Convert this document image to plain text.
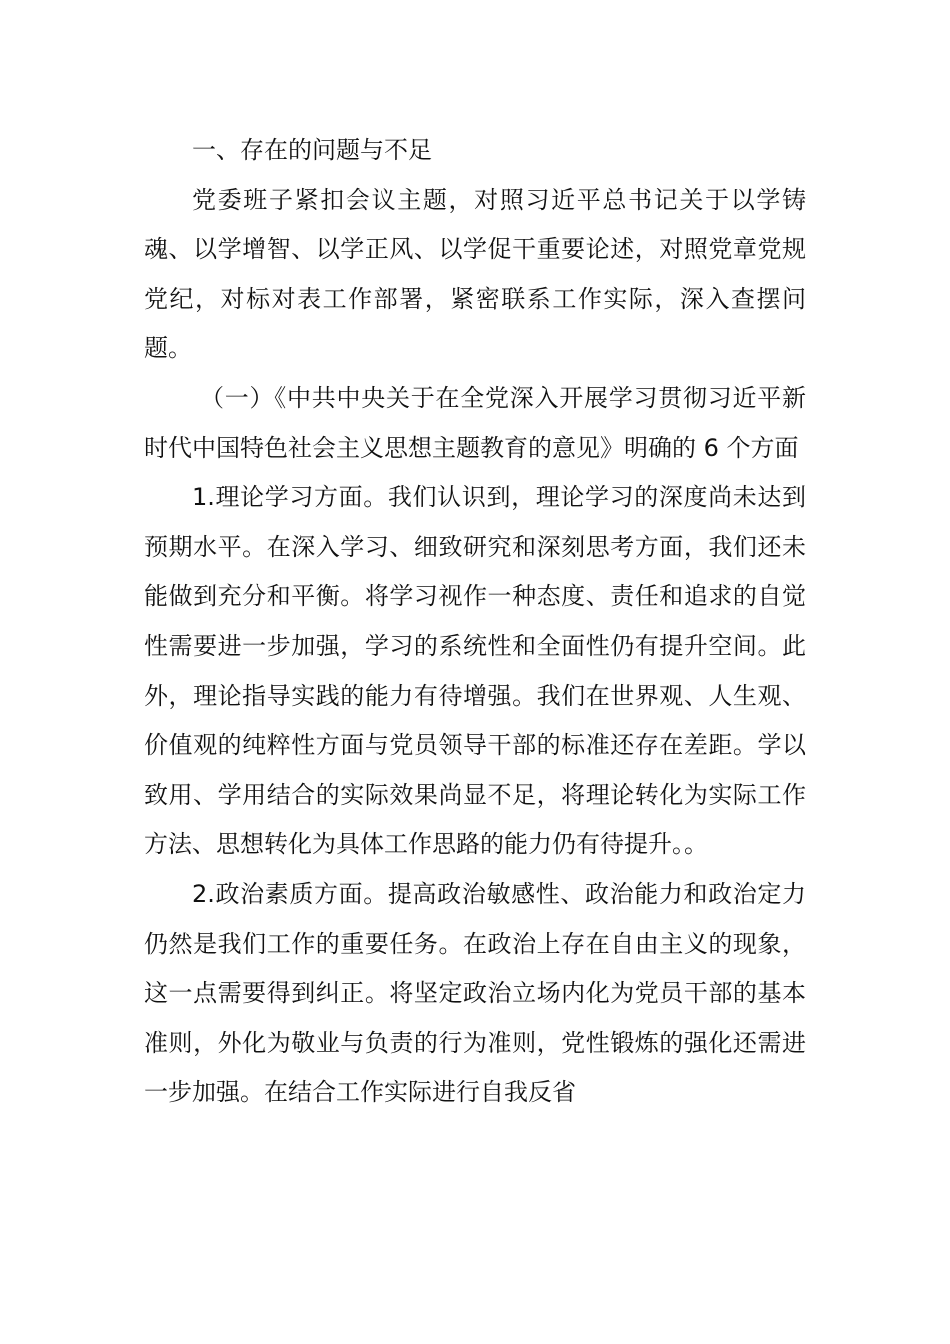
一、存在的问题与不足

党委班子紧扣会议主题，对照习近平总书记关于以学铸魂、以学增智、以学正风、以学促干重要论述，对照党章党规党纪，对标对表工作部署，紧密联系工作实际，深入查摆问题。

（一）《中共中央关于在全党深入开展学习贯彻习近平新时代中国特色社会主义思想主题教育的意见》明确的 6 个方面

1.理论学习方面。我们认识到，理论学习的深度尚未达到预期水平。在深入学习、细致研究和深刻思考方面，我们还未能做到充分和平衡。将学习视作一种态度、责任和追求的自觉性需要进一步加强，学习的系统性和全面性仍有提升空间。此外，理论指导实践的能力有待增强。我们在世界观、人生观、价值观的纯粹性方面与党员领导干部的标准还存在差距。学以致用、学用结合的实际效果尚显不足，将理论转化为实际工作方法、思想转化为具体工作思路的能力仍有待提升。。

2.政治素质方面。提高政治敏感性、政治能力和政治定力仍然是我们工作的重要任务。在政治上存在自由主义的现象，这一点需要得到纠正。将坚定政治立场内化为党员干部的基本准则，外化为敬业与负责的行为准则，党性锻炼的强化还需进一步加强。在结合工作实际进行自我反省
